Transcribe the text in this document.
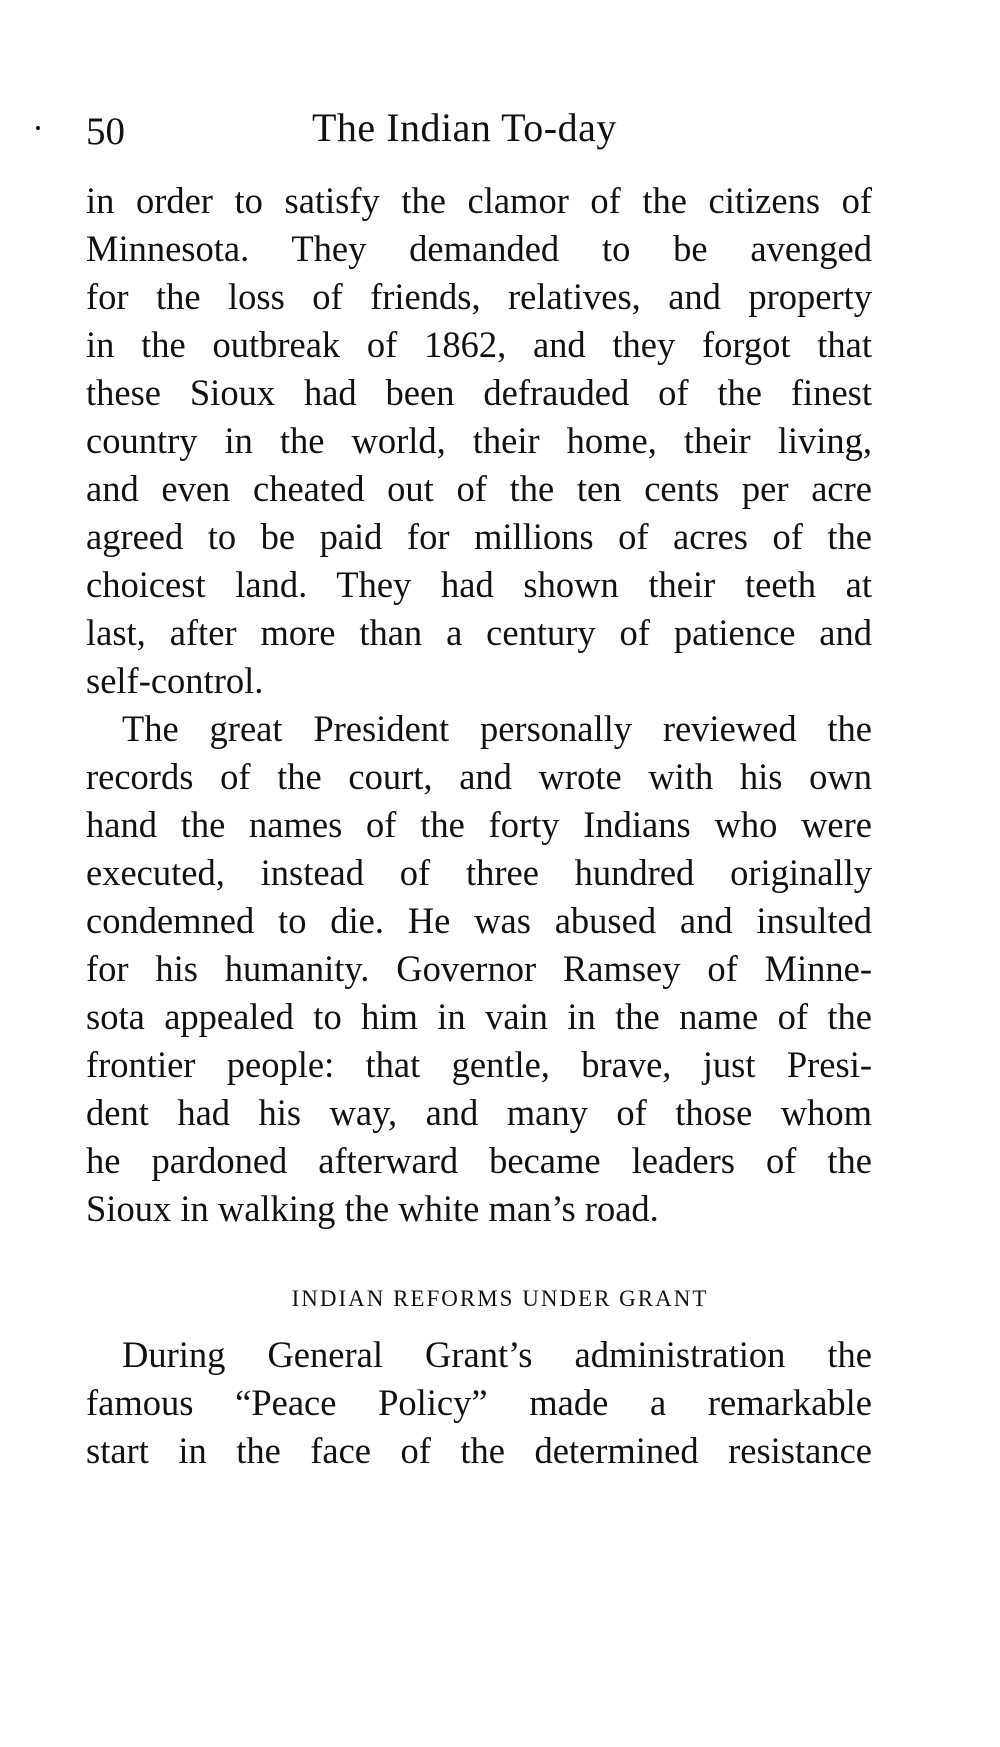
50	The Indian To-day
in order to satisfy the clamor of the citizens of
Minnesota. They demanded to be avenged
for the loss of friends, relatives, and property
in the outbreak of 1862, and they forgot that
these Sioux had been defrauded of the finest
country in the world, their home, their living,
and even cheated out of the ten cents per acre
agreed to be paid for millions of acres of the
choicest land. They had shown their teeth at
last, after more than a century of patience and
self-control.
The great President personally reviewed the
records of the court, and wrote with his own
hand the names of the forty Indians who were
executed, instead of three hundred originally
condemned to die. He was abused and insulted
for his humanity. Governor Ramsey of Minne-
sota appealed to him in vain in the name of the
frontier people: that gentle, brave, just Presi-
dent had his way, and many of those whom
he pardoned afterward became leaders of the
Sioux in walking the white man’s road.
INDIAN REFORMS UNDER GRANT
During General Grant’s administration the
famous “Peace Policy” made a remarkable
start in the face of the determined resistance
